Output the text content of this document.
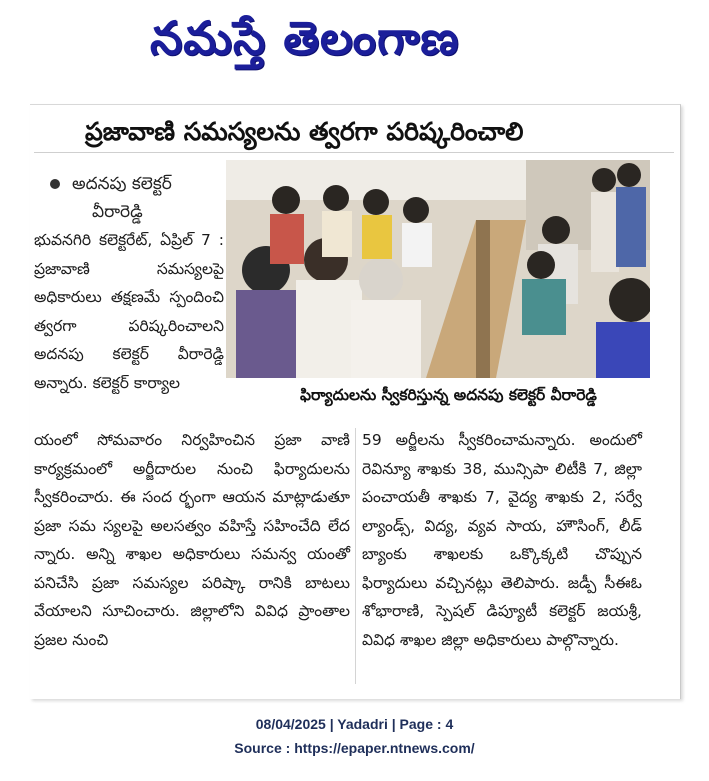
నమస్తే తెలంగాణ
ప్రజావాణి సమస్యలను త్వరగా పరిష్కరించాలి
అదనపు కలెక్టర్
వీరారెడ్డి
ఫిర్యాదులను స్వీకరిస్తున్న అదనపు కలెక్టర్ వీరారెడ్డి
భువనగిరి కలెక్టరేట్, ఏప్రిల్ 7 : ప్రజావాణి సమస్యలపై అధికారులు తక్షణమే స్పందించి త్వరగా పరిష్కరించాలని అదనపు కలెక్టర్ వీరారెడ్డి అన్నారు. కలెక్టర్ కార్యాల
యంలో సోమవారం నిర్వహించిన ప్రజా వాణి కార్యక్రమంలో అర్జీదారుల నుంచి ఫిర్యాదులను స్వీకరించారు. ఈ సంద ర్భంగా ఆయన మాట్లాడుతూ ప్రజా సమ స్యలపై అలసత్వం వహిస్తే సహించేది లేద న్నారు. అన్ని శాఖల అధికారులు సమన్వ యంతో పనిచేసి ప్రజా సమస్యల పరిష్కా రానికి బాటలు వేయాలని సూచించారు. జిల్లాలోని వివిధ ప్రాంతాల ప్రజల నుంచి
59 అర్జీలను స్వీకరించామన్నారు. అందులో రెవిన్యూ శాఖకు 38, మున్సిపా లిటీకి 7, జిల్లా పంచాయతీ శాఖకు 7, వైద్య శాఖకు 2, సర్వే ల్యాండ్స్, విద్య, వ్యవ సాయ, హౌసింగ్, లీడ్ బ్యాంకు శాఖలకు ఒక్కొక్కటి చొప్పున ఫిర్యాదులు వచ్చినట్లు తెలిపారు. జడ్పీ సీఈఓ శోభారాణి, స్పెషల్ డిప్యూటీ కలెక్టర్ జయశ్రీ, వివిధ శాఖల జిల్లా అధికారులు పాల్గొన్నారు.
08/04/2025 | Yadadri | Page : 4
Source : https://epaper.ntnews.com/
